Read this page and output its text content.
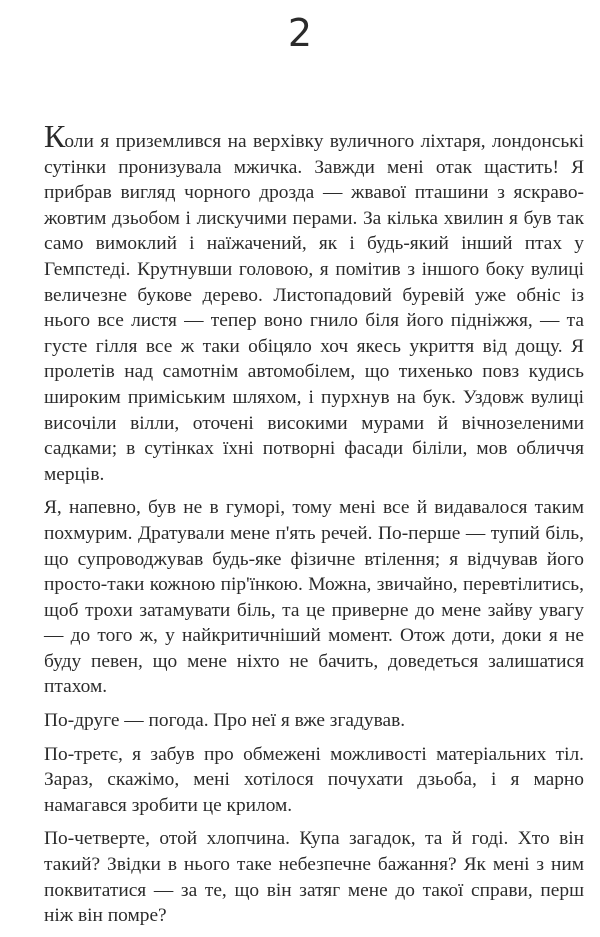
2

Коли я приземлився на верхівку вуличного ліхтаря, лондонські сутінки пронизувала мжичка. Завжди мені отак щастить! Я прибрав вигляд чорного дрозда — жвавої пташини з яскраво-жовтим дзьобом і лискучими перами. За кілька хвилин я був так само вимоклий і наїжачений, як і будь-який інший птах у Гемпстеді. Крутнувши головою, я помітив з іншого боку вулиці величезне букове дерево. Листопадовий буревій уже обніс із нього все листя — тепер воно гнило біля його підніжжя, — та густе гілля все ж таки обіцяло хоч якесь укриття від дощу. Я пролетів над самотнім автомобілем, що тихенько повз кудись широким приміським шляхом, і пурхнув на бук. Уздовж вулиці височіли вілли, оточені високими мурами й вічнозеленими садками; в сутінках їхні потворні фасади біліли, мов обличчя мерців.

Я, напевно, був не в гуморі, тому мені все й видавалося таким похмурим. Дратували мене п'ять речей. По-перше — тупий біль, що супроводжував будь-яке фізичне втілення; я відчував його просто-таки кожною пір'їнкою. Можна, звичайно, перевтілитись, щоб трохи затамувати біль, та це приверне до мене зайву увагу — до того ж, у найкритичніший момент. Отож доти, доки я не буду певен, що мене ніхто не бачить, доведеться залишатися птахом.

По-друге — погода. Про неї я вже згадував.

По-третє, я забув про обмежені можливості матеріальних тіл. Зараз, скажімо, мені хотілося почухати дзьоба, і я марно намагався зробити це крилом.

По-четверте, отой хлопчина. Купа загадок, та й годі. Хто він такий? Звідки в нього таке небезпечне бажання? Як мені з ним поквитатися — за те, що він затяг мене до такої справи, перш ніж він помре?
